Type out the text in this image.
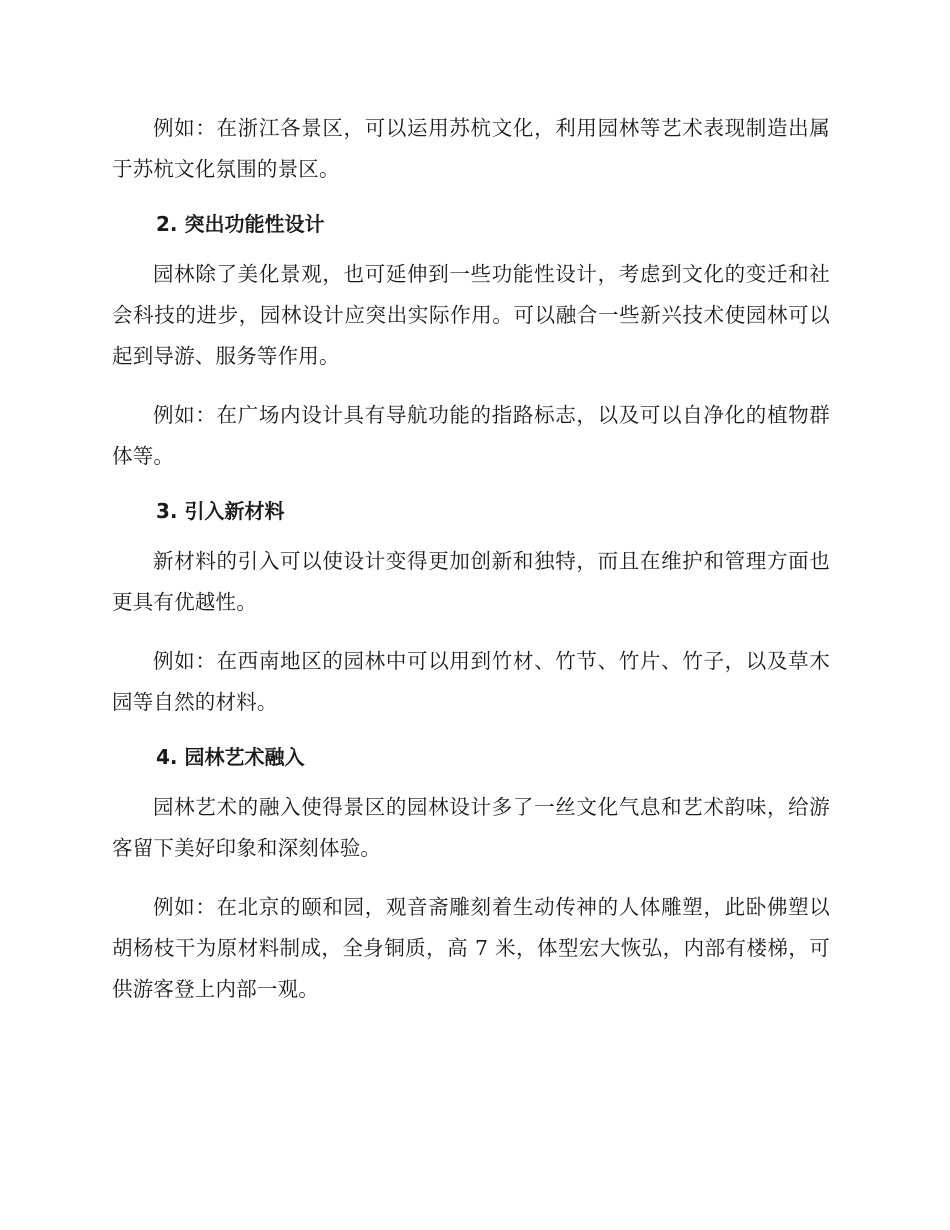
例如：在浙江各景区，可以运用苏杭文化，利用园林等艺术表现制造出属于苏杭文化氛围的景区。

2. 突出功能性设计

园林除了美化景观，也可延伸到一些功能性设计，考虑到文化的变迁和社会科技的进步，园林设计应突出实际作用。可以融合一些新兴技术使园林可以起到导游、服务等作用。

例如：在广场内设计具有导航功能的指路标志，以及可以自净化的植物群体等。

3. 引入新材料

新材料的引入可以使设计变得更加创新和独特，而且在维护和管理方面也更具有优越性。

例如：在西南地区的园林中可以用到竹材、竹节、竹片、竹子，以及草木园等自然的材料。

4. 园林艺术融入

园林艺术的融入使得景区的园林设计多了一丝文化气息和艺术韵味，给游客留下美好印象和深刻体验。

例如：在北京的颐和园，观音斋雕刻着生动传神的人体雕塑，此卧佛塑以胡杨枝干为原材料制成，全身铜质，高 7 米，体型宏大恢弘，内部有楼梯，可供游客登上内部一观。
